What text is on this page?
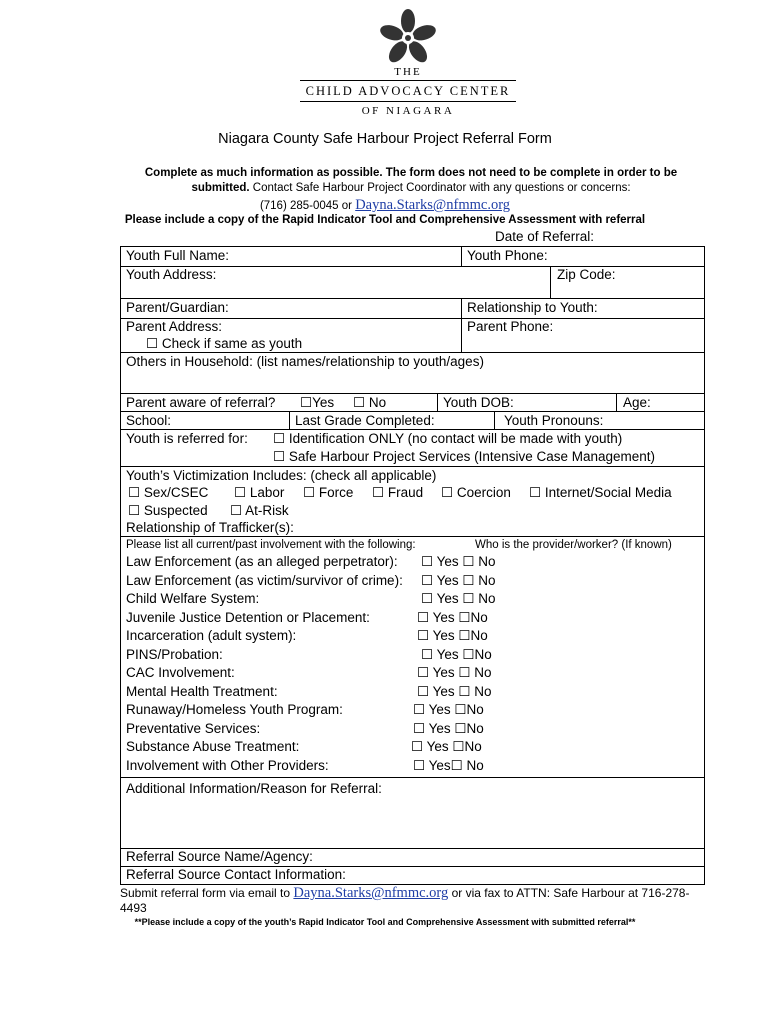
THE
CHILD ADVOCACY CENTER
OF NIAGARA
Niagara County Safe Harbour Project Referral Form
Complete as much information as possible. The form does not need to be complete in order to be submitted. Contact Safe Harbour Project Coordinator with any questions or concerns:
(716) 285-0045 or Dayna.Starks@nfmmc.org
Please include a copy of the Rapid Indicator Tool and Comprehensive Assessment with referral
Date of Referral:
Youth Full Name:	Youth Phone:
Youth Address:	Zip Code:
Parent/Guardian:	Relationship to Youth:
Parent Address:	Parent Phone:
☐ Check if same as youth
Others in Household: (list names/relationship to youth/ages)
Parent aware of referral? ☐Yes ☐ No	Youth DOB:	Age:
School:	Last Grade Completed:	Youth Pronouns:
Youth is referred for: ☐ Identification ONLY (no contact will be made with youth)
☐ Safe Harbour Project Services (Intensive Case Management)
Youth’s Victimization Includes: (check all applicable)
☐ Sex/CSEC ☐ Labor ☐ Force ☐ Fraud ☐ Coercion ☐ Internet/Social Media
☐ Suspected ☐ At-Risk
Relationship of Trafficker(s):
Please list all current/past involvement with the following:	Who is the provider/worker? (If known)
Law Enforcement (as an alleged perpetrator): ☐ Yes ☐ No
Law Enforcement (as victim/survivor of crime): ☐ Yes ☐ No
Child Welfare System:	☐ Yes ☐ No
Juvenile Justice Detention or Placement:	☐ Yes ☐No
Incarceration (adult system):	☐ Yes ☐No
PINS/Probation:	☐ Yes ☐No
CAC Involvement:	☐ Yes ☐ No
Mental Health Treatment:	☐ Yes ☐ No
Runaway/Homeless Youth Program:	☐ Yes ☐No
Preventative Services:	☐ Yes ☐No
Substance Abuse Treatment:	☐ Yes ☐No
Involvement with Other Providers:	☐ Yes☐ No
Additional Information/Reason for Referral:
Referral Source Name/Agency:
Referral Source Contact Information:
Submit referral form via email to Dayna.Starks@nfmmc.org or via fax to ATTN: Safe Harbour at 716-278-4493
**Please include a copy of the youth’s Rapid Indicator Tool and Comprehensive Assessment with submitted referral**
